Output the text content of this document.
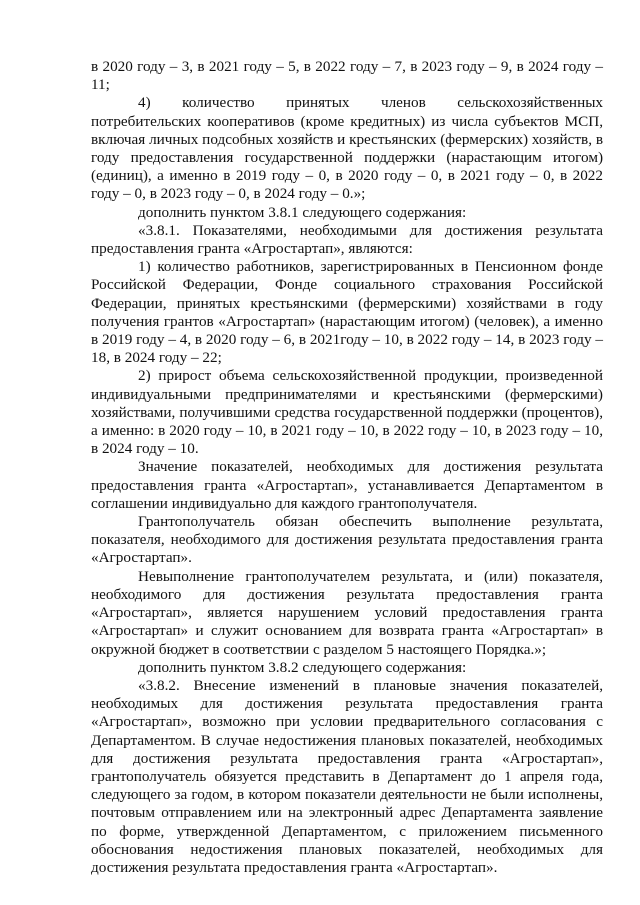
в 2020 году – 3, в 2021 году – 5, в 2022 году – 7, в 2023 году – 9, в 2024 году – 11;

4) количество принятых членов сельскохозяйственных потребительских кооперативов (кроме кредитных) из числа субъектов МСП, включая личных подсобных хозяйств и крестьянских (фермерских) хозяйств, в году предоставления государственной поддержки (нарастающим итогом) (единиц), а именно в 2019 году – 0, в 2020 году – 0, в 2021 году – 0, в 2022 году – 0, в 2023 году – 0, в 2024 году – 0.»;

дополнить пунктом 3.8.1 следующего содержания:

«3.8.1. Показателями, необходимыми для достижения результата предоставления гранта «Агростартап», являются:

1) количество работников, зарегистрированных в Пенсионном фонде Российской Федерации, Фонде социального страхования Российской Федерации, принятых крестьянскими (фермерскими) хозяйствами в году получения грантов «Агростартап» (нарастающим итогом) (человек), а именно в 2019 году – 4, в 2020 году – 6, в 2021году – 10, в 2022 году – 14, в 2023 году – 18, в 2024 году – 22;

2) прирост объема сельскохозяйственной продукции, произведенной индивидуальными предпринимателями и крестьянскими (фермерскими) хозяйствами, получившими средства государственной поддержки (процентов), а именно: в 2020 году – 10, в 2021 году – 10, в 2022 году – 10, в 2023 году – 10, в 2024 году – 10.

Значение показателей, необходимых для достижения результата предоставления гранта «Агростартап», устанавливается Департаментом в соглашении индивидуально для каждого грантополучателя.

Грантополучатель обязан обеспечить выполнение результата, показателя, необходимого для достижения результата предоставления гранта «Агростартап».

Невыполнение грантополучателем результата, и (или) показателя, необходимого для достижения результата предоставления гранта «Агростартап», является нарушением условий предоставления гранта «Агростартап» и служит основанием для возврата гранта «Агростартап» в окружной бюджет в соответствии с разделом 5 настоящего Порядка.»;

дополнить пунктом 3.8.2 следующего содержания:

«3.8.2. Внесение изменений в плановые значения показателей, необходимых для достижения результата предоставления гранта «Агростартап», возможно при условии предварительного согласования с Департаментом. В случае недостижения плановых показателей, необходимых для достижения результата предоставления гранта «Агростартап», грантополучатель обязуется представить в Департамент до 1 апреля года, следующего за годом, в котором показатели деятельности не были исполнены, почтовым отправлением или на электронный адрес Департамента заявление по форме, утвержденной Департаментом, с приложением письменного обоснования недостижения плановых показателей, необходимых для достижения результата предоставления гранта «Агростартап».
